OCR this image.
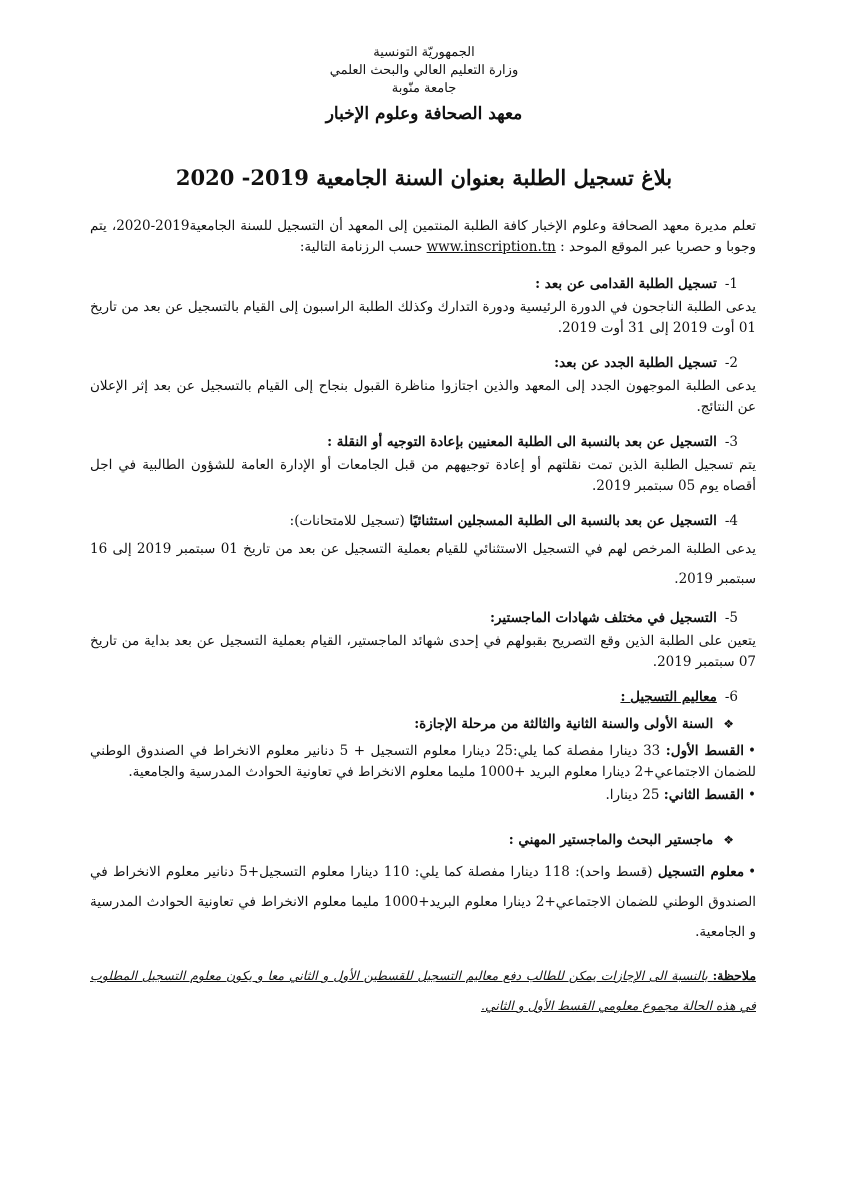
الجمهوريّة التونسية
وزارة التعليم العالي والبحث العلمي
جامعة منّوبة
معهد الصحافة وعلوم الإخبار
بلاغ تسجيل الطلبة بعنوان السنة الجامعية 2019- 2020
تعلم مديرة معهد الصحافة وعلوم الإخبار كافة الطلبة المنتمين إلى المعهد أن التسجيل للسنة الجامعية2019-2020، يتم وجوبا و حصريا عبر الموقع الموحد : www.inscription.tn حسب الرزنامة التالية:
1-تسجيل الطلبة القدامى عن بعد :
يدعى الطلبة الناجحون في الدورة الرئيسية ودورة التدارك وكذلك الطلبة الراسبون إلى القيام بالتسجيل عن بعد من تاريخ 01 أوت 2019 إلى 31 أوت 2019.
2-تسجيل الطلبة الجدد عن بعد:
يدعى الطلبة الموجهون الجدد إلى المعهد والذين اجتازوا مناظرة القبول بنجاح إلى القيام بالتسجيل عن بعد إثر الإعلان عن النتائج.
3-التسجيل عن بعد بالنسبة الى الطلبة المعنيين بإعادة التوجيه أو النقلة :
يتم تسجيل الطلبة الذين تمت نقلتهم أو إعادة توجيههم من قبل الجامعات أو الإدارة العامة للشؤون الطالبية في اجل أقصاه يوم 05 سبتمبر 2019.
4-التسجيل عن بعد بالنسبة الى الطلبة المسجلين استثنائيًا (تسجيل للامتحانات):
يدعى الطلبة المرخص لهم في التسجيل الاستثنائي للقيام بعملية التسجيل عن بعد من تاريخ 01 سبتمبر 2019 إلى 16 سبتمبر 2019.
5-التسجيل في مختلف شهادات الماجستير:
يتعين على الطلبة الذين وقع التصريح بقبولهم في إحدى شهائد الماجستير، القيام بعملية التسجيل عن بعد بداية من تاريخ 07 سبتمبر 2019.
6-معاليم التسجيل :
❖السنة الأولى والسنة الثانية والثالثة من مرحلة الإجازة:
•القسط الأول: 33 دينارا مفصلة كما يلي:25 دينارا معلوم التسجيل + 5 دنانير معلوم الانخراط في الصندوق الوطني للضمان الاجتماعي+2 دينارا معلوم البريد +1000 مليما معلوم الانخراط في تعاونية الحوادث المدرسية والجامعية.
•القسط الثاني: 25 دينارا.
❖ماجستير البحث والماجستير المهني :
•معلوم التسجيل (قسط واحد): 118 دينارا مفصلة كما يلي: 110 دينارا معلوم التسجيل+5 دنانير معلوم الانخراط في الصندوق الوطني للضمان الاجتماعي+2 دينارا معلوم البريد+1000 مليما معلوم الانخراط في تعاونية الحوادث المدرسية و الجامعية.
ملاحظة: بالنسبة الى الإجازات يمكن للطالب دفع معاليم التسجيل للقسطين الأول و الثاني معا و يكون معلوم التسجيل المطلوب في هذه الحالة مجموع معلومي القسط الأول و الثاني.
